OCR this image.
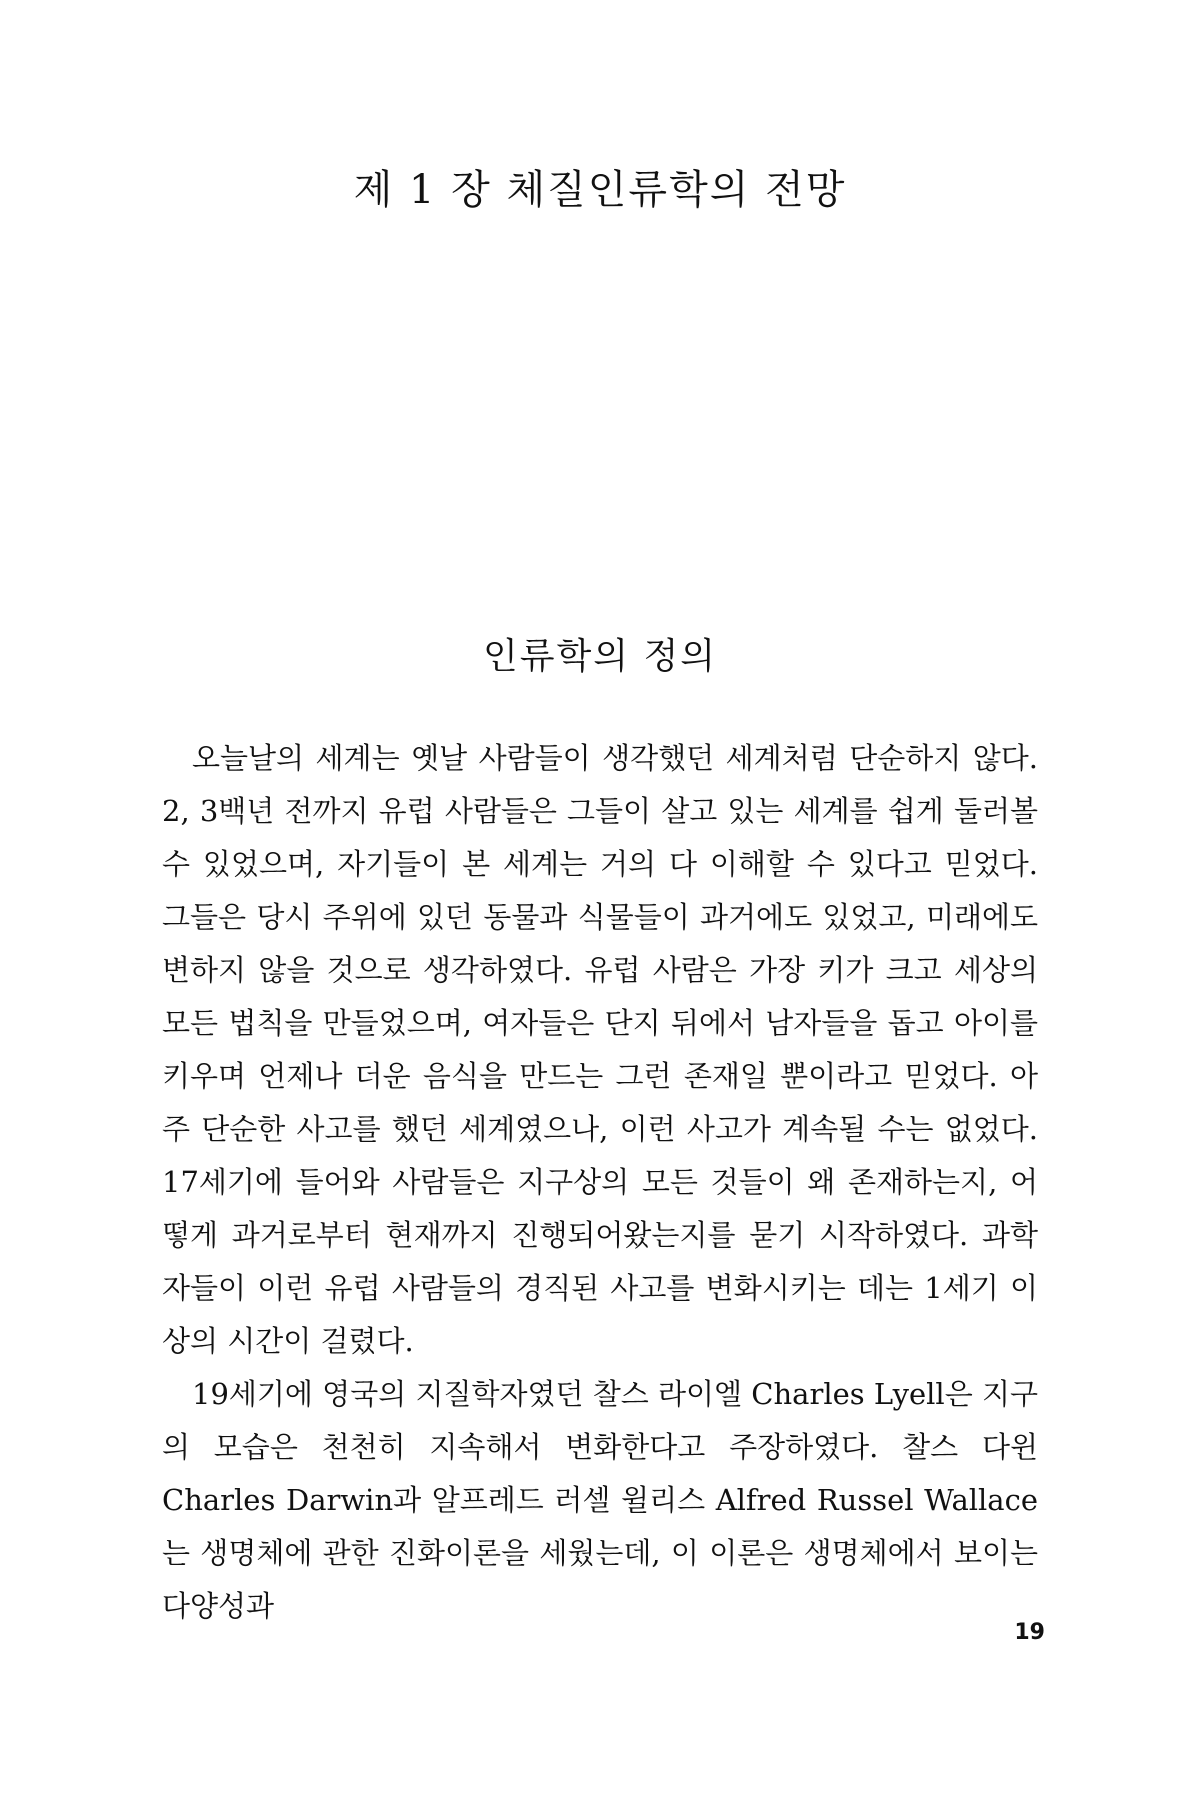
제 1 장 체질인류학의 전망
인류학의 정의

오늘날의 세계는 옛날 사람들이 생각했던 세계처럼 단순하지 않다. 2, 3백년 전까지 유럽 사람들은 그들이 살고 있는 세계를 쉽게 둘러볼 수 있었으며, 자기들이 본 세계는 거의 다 이해할 수 있다고 믿었다. 그들은 당시 주위에 있던 동물과 식물들이 과거에도 있었고, 미래에도 변하지 않을 것으로 생각하였다. 유럽 사람은 가장 키가 크고 세상의 모든 법칙을 만들었으며, 여자들은 단지 뒤에서 남자들을 돕고 아이를 키우며 언제나 더운 음식을 만드는 그런 존재일 뿐이라고 믿었다. 아주 단순한 사고를 했던 세계였으나, 이런 사고가 계속될 수는 없었다. 17세기에 들어와 사람들은 지구상의 모든 것들이 왜 존재하는지, 어떻게 과거로부터 현재까지 진행되어왔는지를 묻기 시작하였다. 과학자들이 이런 유럽 사람들의 경직된 사고를 변화시키는 데는 1세기 이상의 시간이 걸렸다.

19세기에 영국의 지질학자였던 찰스 라이엘 Charles Lyell은 지구의 모습은 천천히 지속해서 변화한다고 주장하였다. 찰스 다윈 Charles Darwin과 알프레드 러셀 윌리스 Alfred Russel Wallace는 생명체에 관한 진화이론을 세웠는데, 이 이론은 생명체에서 보이는 다양성과

19
